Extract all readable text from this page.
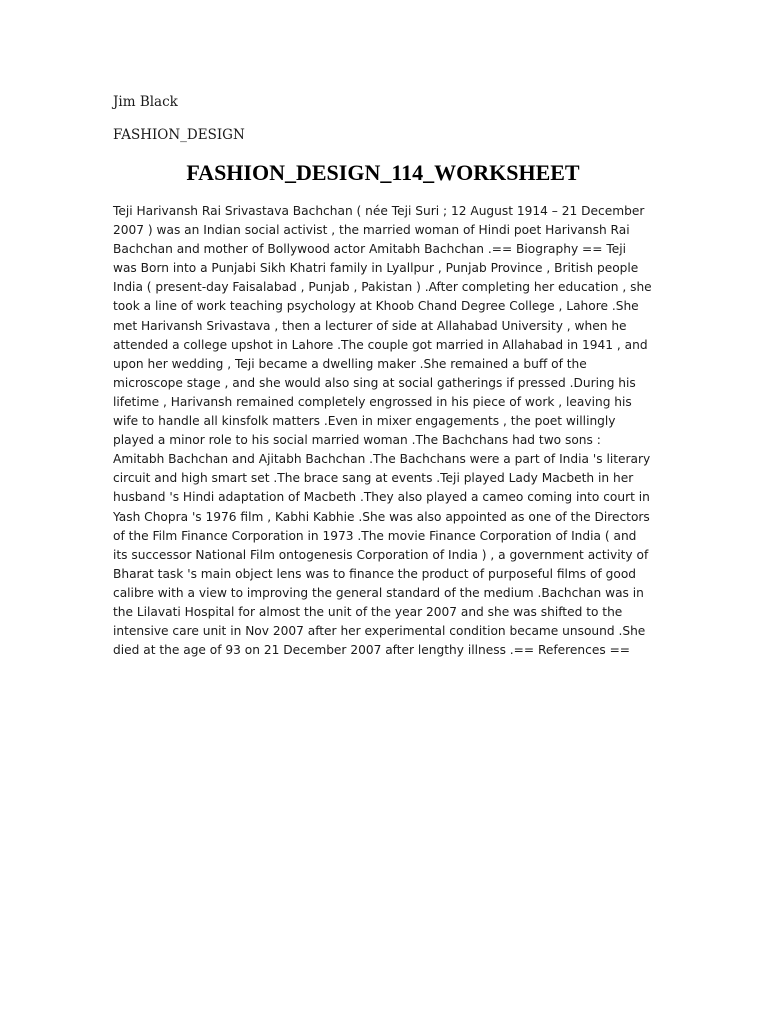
Jim Black

FASHION_DESIGN

FASHION_DESIGN_114_WORKSHEET

Teji Harivansh Rai Srivastava Bachchan ( née Teji Suri ; 12 August 1914 – 21 December 2007 ) was an Indian social activist , the married woman of Hindi poet Harivansh Rai Bachchan and mother of Bollywood actor Amitabh Bachchan .== Biography == Teji was Born into a Punjabi Sikh Khatri family in Lyallpur , Punjab Province , British people India ( present-day Faisalabad , Punjab , Pakistan ) .After completing her education , she took a line of work teaching psychology at Khoob Chand Degree College , Lahore .She met Harivansh Srivastava , then a lecturer of side at Allahabad University , when he attended a college upshot in Lahore .The couple got married in Allahabad in 1941 , and upon her wedding , Teji became a dwelling maker .She remained a buff of the microscope stage , and she would also sing at social gatherings if pressed .During his lifetime , Harivansh remained completely engrossed in his piece of work , leaving his wife to handle all kinsfolk matters .Even in mixer engagements , the poet willingly played a minor role to his social married woman .The Bachchans had two sons : Amitabh Bachchan and Ajitabh Bachchan .The Bachchans were a part of India 's literary circuit and high smart set .The brace sang at events .Teji played Lady Macbeth in her husband 's Hindi adaptation of Macbeth .They also played a cameo coming into court in Yash Chopra 's 1976 film , Kabhi Kabhie .She was also appointed as one of the Directors of the Film Finance Corporation in 1973 .The movie Finance Corporation of India ( and its successor National Film ontogenesis Corporation of India ) , a government activity of Bharat task 's main object lens was to finance the product of purposeful films of good calibre with a view to improving the general standard of the medium .Bachchan was in the Lilavati Hospital for almost the unit of the year 2007 and she was shifted to the intensive care unit in Nov 2007 after her experimental condition became unsound .She died at the age of 93 on 21 December 2007 after lengthy illness .== References ==
